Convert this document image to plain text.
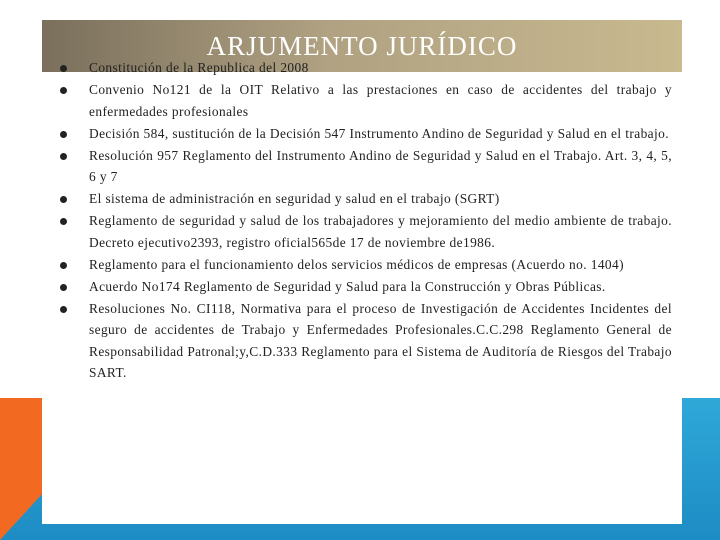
ARJUMENTO JURÍDICO
Constitución de la Republica del 2008
Convenio No121 de la OIT Relativo a las prestaciones en caso de accidentes del trabajo y enfermedades profesionales
Decisión 584, sustitución de la Decisión 547 Instrumento Andino de Seguridad y Salud en el trabajo.
Resolución 957 Reglamento del Instrumento Andino de Seguridad y Salud en el Trabajo. Art. 3, 4, 5, 6 y 7
El sistema de administración en seguridad y salud en el trabajo (SGRT)
Reglamento de seguridad y salud de los trabajadores y mejoramiento del medio ambiente de trabajo. Decreto ejecutivo2393, registro oficial565de 17 de noviembre de1986.
Reglamento para el funcionamiento delos servicios médicos de empresas (Acuerdo no. 1404)
Acuerdo No174 Reglamento de Seguridad y Salud para la Construcción y Obras Públicas.
Resoluciones No. CI118, Normativa para el proceso de Investigación de Accidentes Incidentes del seguro de accidentes de Trabajo y Enfermedades Profesionales.C.C.298 Reglamento General de Responsabilidad Patronal;y,C.D.333 Reglamento para el Sistema de Auditoría de Riesgos del Trabajo SART.
